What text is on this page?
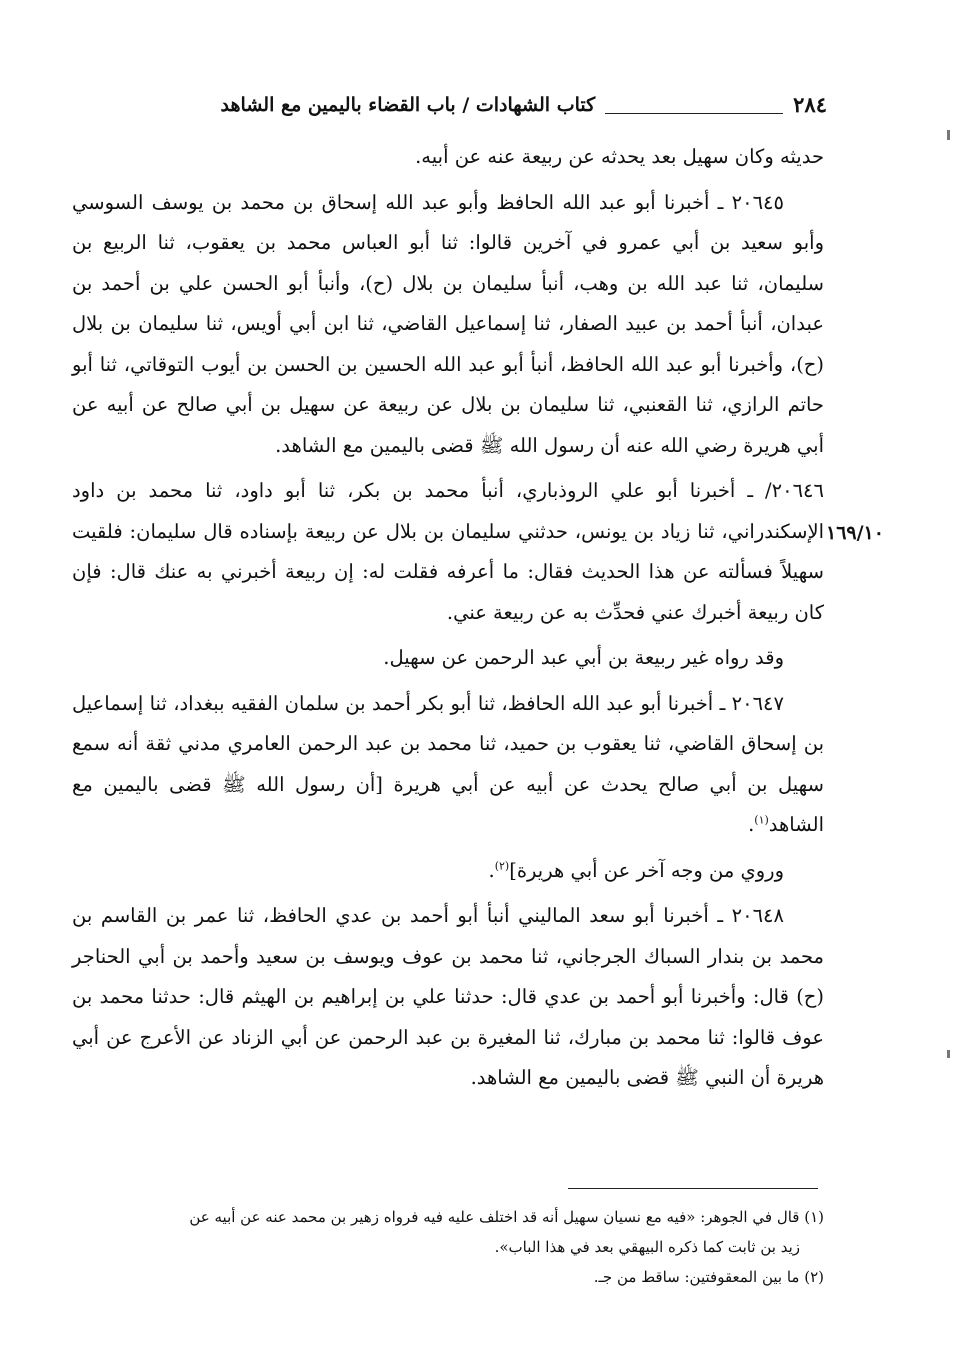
٢٨٤
كتاب الشهادات / باب القضاء باليمين مع الشاهد
١٦٩/١٠

حديثه وكان سهيل بعد يحدثه عن ربيعة عنه عن أبيه.

٢٠٦٤٥ ـ أخبرنا أبو عبد الله الحافظ وأبو عبد الله إسحاق بن محمد بن يوسف السوسي وأبو سعيد بن أبي عمرو في آخرين قالوا: ثنا أبو العباس محمد بن يعقوب، ثنا الربيع بن سليمان، ثنا عبد الله بن وهب، أنبأ سليمان بن بلال (ح)، وأنبأ أبو الحسن علي بن أحمد بن عبدان، أنبأ أحمد بن عبيد الصفار، ثنا إسماعيل القاضي، ثنا ابن أبي أويس، ثنا سليمان بن بلال (ح)، وأخبرنا أبو عبد الله الحافظ، أنبأ أبو عبد الله الحسين بن الحسن بن أيوب التوقاتي، ثنا أبو حاتم الرازي، ثنا القعنبي، ثنا سليمان بن بلال عن ربيعة عن سهيل بن أبي صالح عن أبيه عن أبي هريرة رضي الله عنه أن رسول الله ﷺ قضى باليمين مع الشاهد.

٢٠٦٤٦/ ـ أخبرنا أبو علي الروذباري، أنبأ محمد بن بكر، ثنا أبو داود، ثنا محمد بن داود الإسكندراني، ثنا زياد بن يونس، حدثني سليمان بن بلال عن ربيعة بإسناده قال سليمان: فلقيت سهيلاً فسألته عن هذا الحديث فقال: ما أعرفه فقلت له: إن ربيعة أخبرني به عنك قال: فإن كان ربيعة أخبرك عني فحدِّث به عن ربيعة عني.

وقد رواه غير ربيعة بن أبي عبد الرحمن عن سهيل.

٢٠٦٤٧ ـ أخبرنا أبو عبد الله الحافظ، ثنا أبو بكر أحمد بن سلمان الفقيه ببغداد، ثنا إسماعيل بن إسحاق القاضي، ثنا يعقوب بن حميد، ثنا محمد بن عبد الرحمن العامري مدني ثقة أنه سمع سهيل بن أبي صالح يحدث عن أبيه عن أبي هريرة [أن رسول الله ﷺ قضى باليمين مع الشاهد$^{(١)}$.

وروي من وجه آخر عن أبي هريرة]$^{(٢)}$.

٢٠٦٤٨ ـ أخبرنا أبو سعد الماليني أنبأ أبو أحمد بن عدي الحافظ، ثنا عمر بن القاسم بن محمد بن بندار السباك الجرجاني، ثنا محمد بن عوف ويوسف بن سعيد وأحمد بن أبي الحناجر (ح) قال: وأخبرنا أبو أحمد بن عدي قال: حدثنا علي بن إبراهيم بن الهيثم قال: حدثنا محمد بن عوف قالوا: ثنا محمد بن مبارك، ثنا المغيرة بن عبد الرحمن عن أبي الزناد عن الأعرج عن أبي هريرة أن النبي ﷺ قضى باليمين مع الشاهد.

(١) قال في الجوهر: «فيه مع نسيان سهيل أنه قد اختلف عليه فيه فرواه زهير بن محمد عنه عن أبيه عن
زيد بن ثابت كما ذكره البيهقي بعد في هذا الباب».

(٢) ما بين المعقوفتين: ساقط من جـ.
